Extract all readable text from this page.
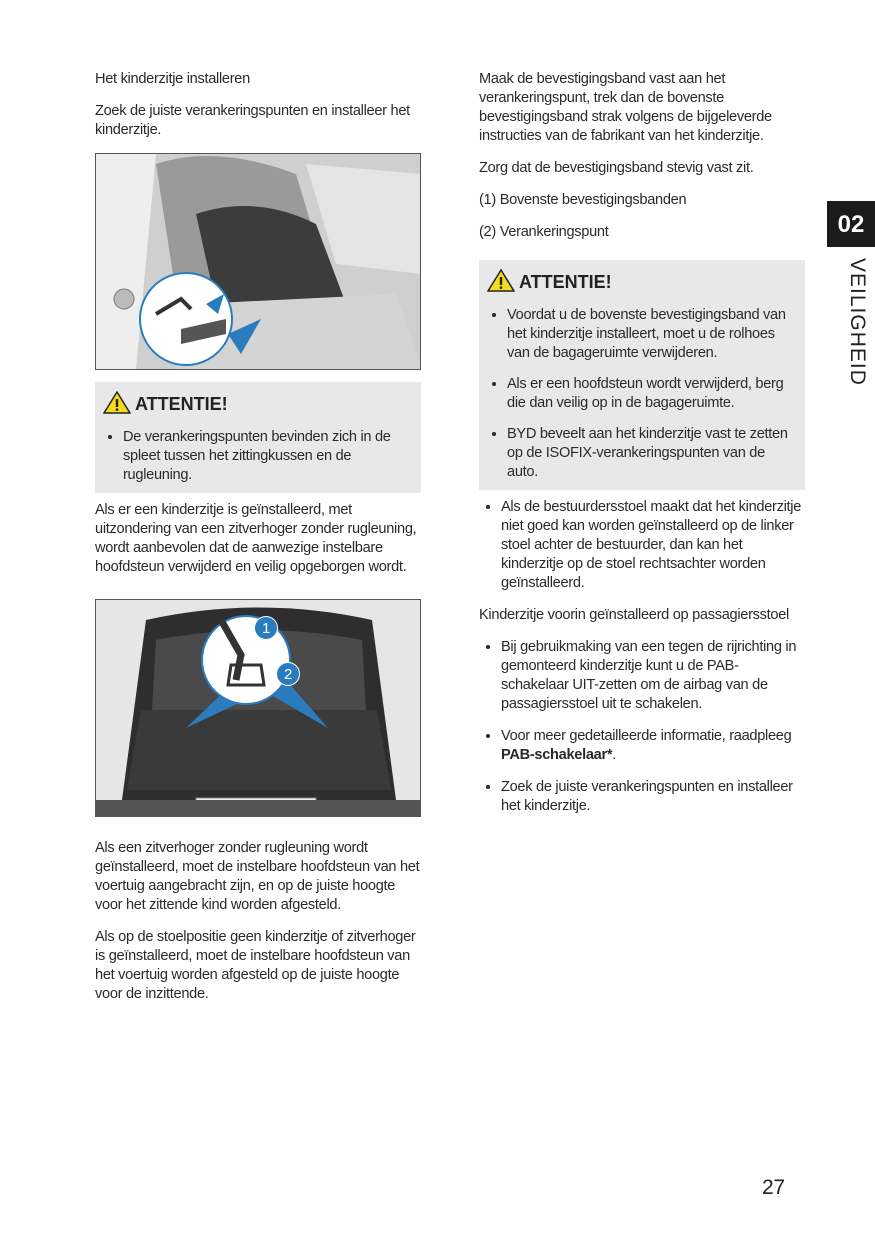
Het kinderzitje installeren

Zoek de juiste verankeringspunten en installeer het kinderzitje.

ATTENTIE!
• De verankeringspunten bevinden zich in de spleet tussen het zittingkussen en de rugleuning.

Als er een kinderzitje is geïnstalleerd, met uitzondering van een zitverhoger zonder rugleuning, wordt aanbevolen dat de aanwezige instelbare hoofdsteun verwijderd en veilig opgeborgen wordt.

1
2

Als een zitverhoger zonder rugleuning wordt geïnstalleerd, moet de instelbare hoofdsteun van het voertuig aangebracht zijn, en op de juiste hoogte voor het zittende kind worden afgesteld.

Als op de stoelpositie geen kinderzitje of zitverhoger is geïnstalleerd, moet de instelbare hoofdsteun van het voertuig worden afgesteld op de juiste hoogte voor de inzittende.

Maak de bevestigingsband vast aan het verankeringspunt, trek dan de bovenste bevestigingsband strak volgens de bijgeleverde instructies van de fabrikant van het kinderzitje.

Zorg dat de bevestigingsband stevig vast zit.

(1) Bovenste bevestigingsbanden

(2) Verankeringspunt

ATTENTIE!
• Voordat u de bovenste bevestigingsband van het kinderzitje installeert, moet u de rolhoes van de bagageruimte verwijderen.
• Als er een hoofdsteun wordt verwijderd, berg die dan veilig op in de bagageruimte.
• BYD beveelt aan het kinderzitje vast te zetten op de ISOFIX-verankeringspunten van de auto.
• Als de bestuurdersstoel maakt dat het kinderzitje niet goed kan worden geïnstalleerd op de linker stoel achter de bestuurder, dan kan het kinderzitje op de stoel rechtsachter worden geïnstalleerd.

Kinderzitje voorin geïnstalleerd op passagiersstoel

• Bij gebruikmaking van een tegen de rijrichting in gemonteerd kinderzitje kunt u de PAB-schakelaar UIT-zetten om de airbag van de passagiersstoel uit te schakelen.
• Voor meer gedetailleerde informatie, raadpleeg PAB-schakelaar*.
• Zoek de juiste verankeringspunten en installeer het kinderzitje.
02
VEILIGHEID
27
